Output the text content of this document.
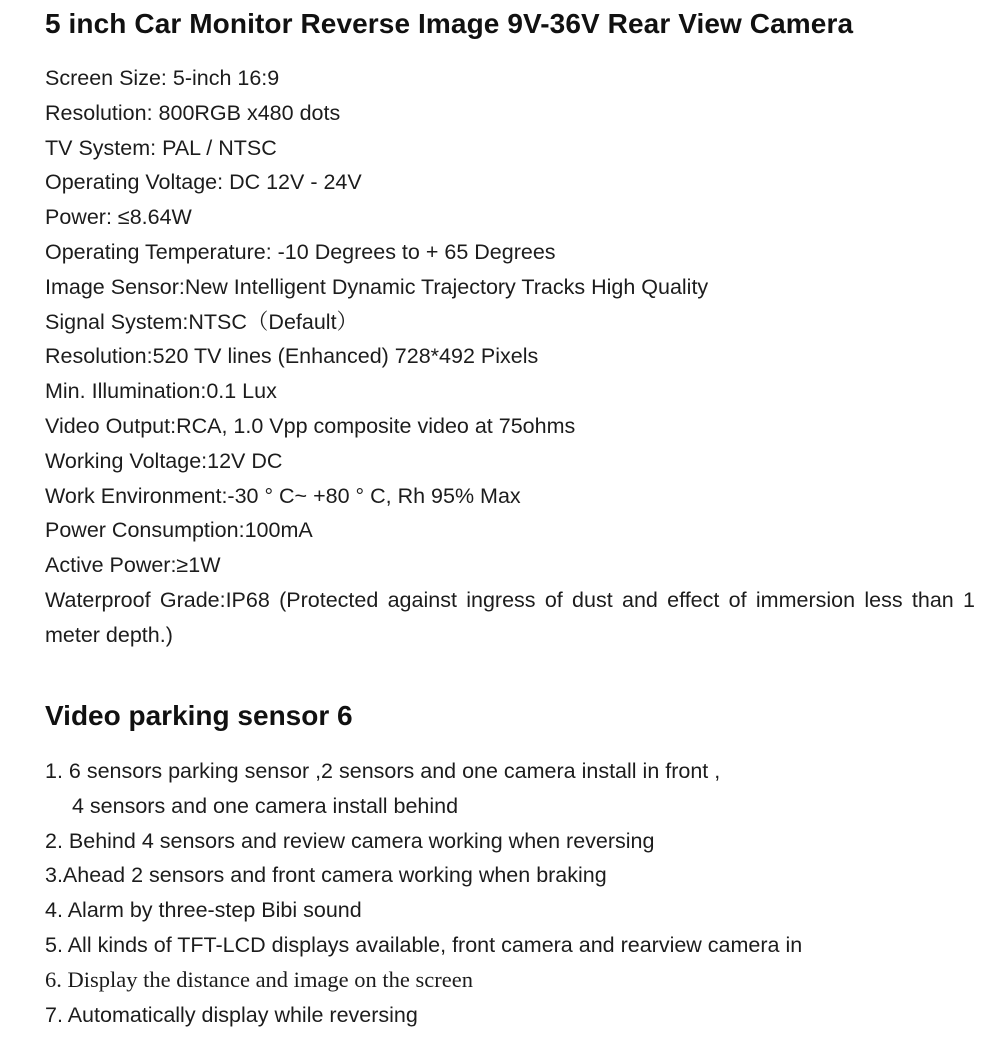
5 inch Car Monitor Reverse Image 9V-36V Rear View Camera
Screen Size: 5-inch 16:9
Resolution: 800RGB x480 dots
TV System: PAL / NTSC
Operating Voltage: DC 12V - 24V
Power: ≤8.64W
Operating Temperature: -10 Degrees to + 65 Degrees
Image Sensor:New Intelligent Dynamic Trajectory Tracks High Quality
Signal System:NTSC（Default）
Resolution:520 TV lines (Enhanced) 728*492 Pixels
Min. Illumination:0.1 Lux
Video Output:RCA, 1.0 Vpp composite video at 75ohms
Working Voltage:12V DC
Work Environment:-30 ° C~ +80 ° C, Rh 95% Max
Power Consumption:100mA
Active Power:≥1W
Waterproof Grade:IP68 (Protected against ingress of dust and effect of immersion less than 1 meter depth.)
Video parking sensor 6
1. 6 sensors parking sensor ,2 sensors and one camera install in front ,
4 sensors and one camera install behind
2. Behind 4 sensors and review camera working when reversing
3.Ahead 2 sensors and front camera working when braking
4. Alarm by three-step Bibi sound
5. All kinds of TFT-LCD displays available, front camera and rearview camera in
6. Display the distance and image on the screen
7. Automatically display while reversing
